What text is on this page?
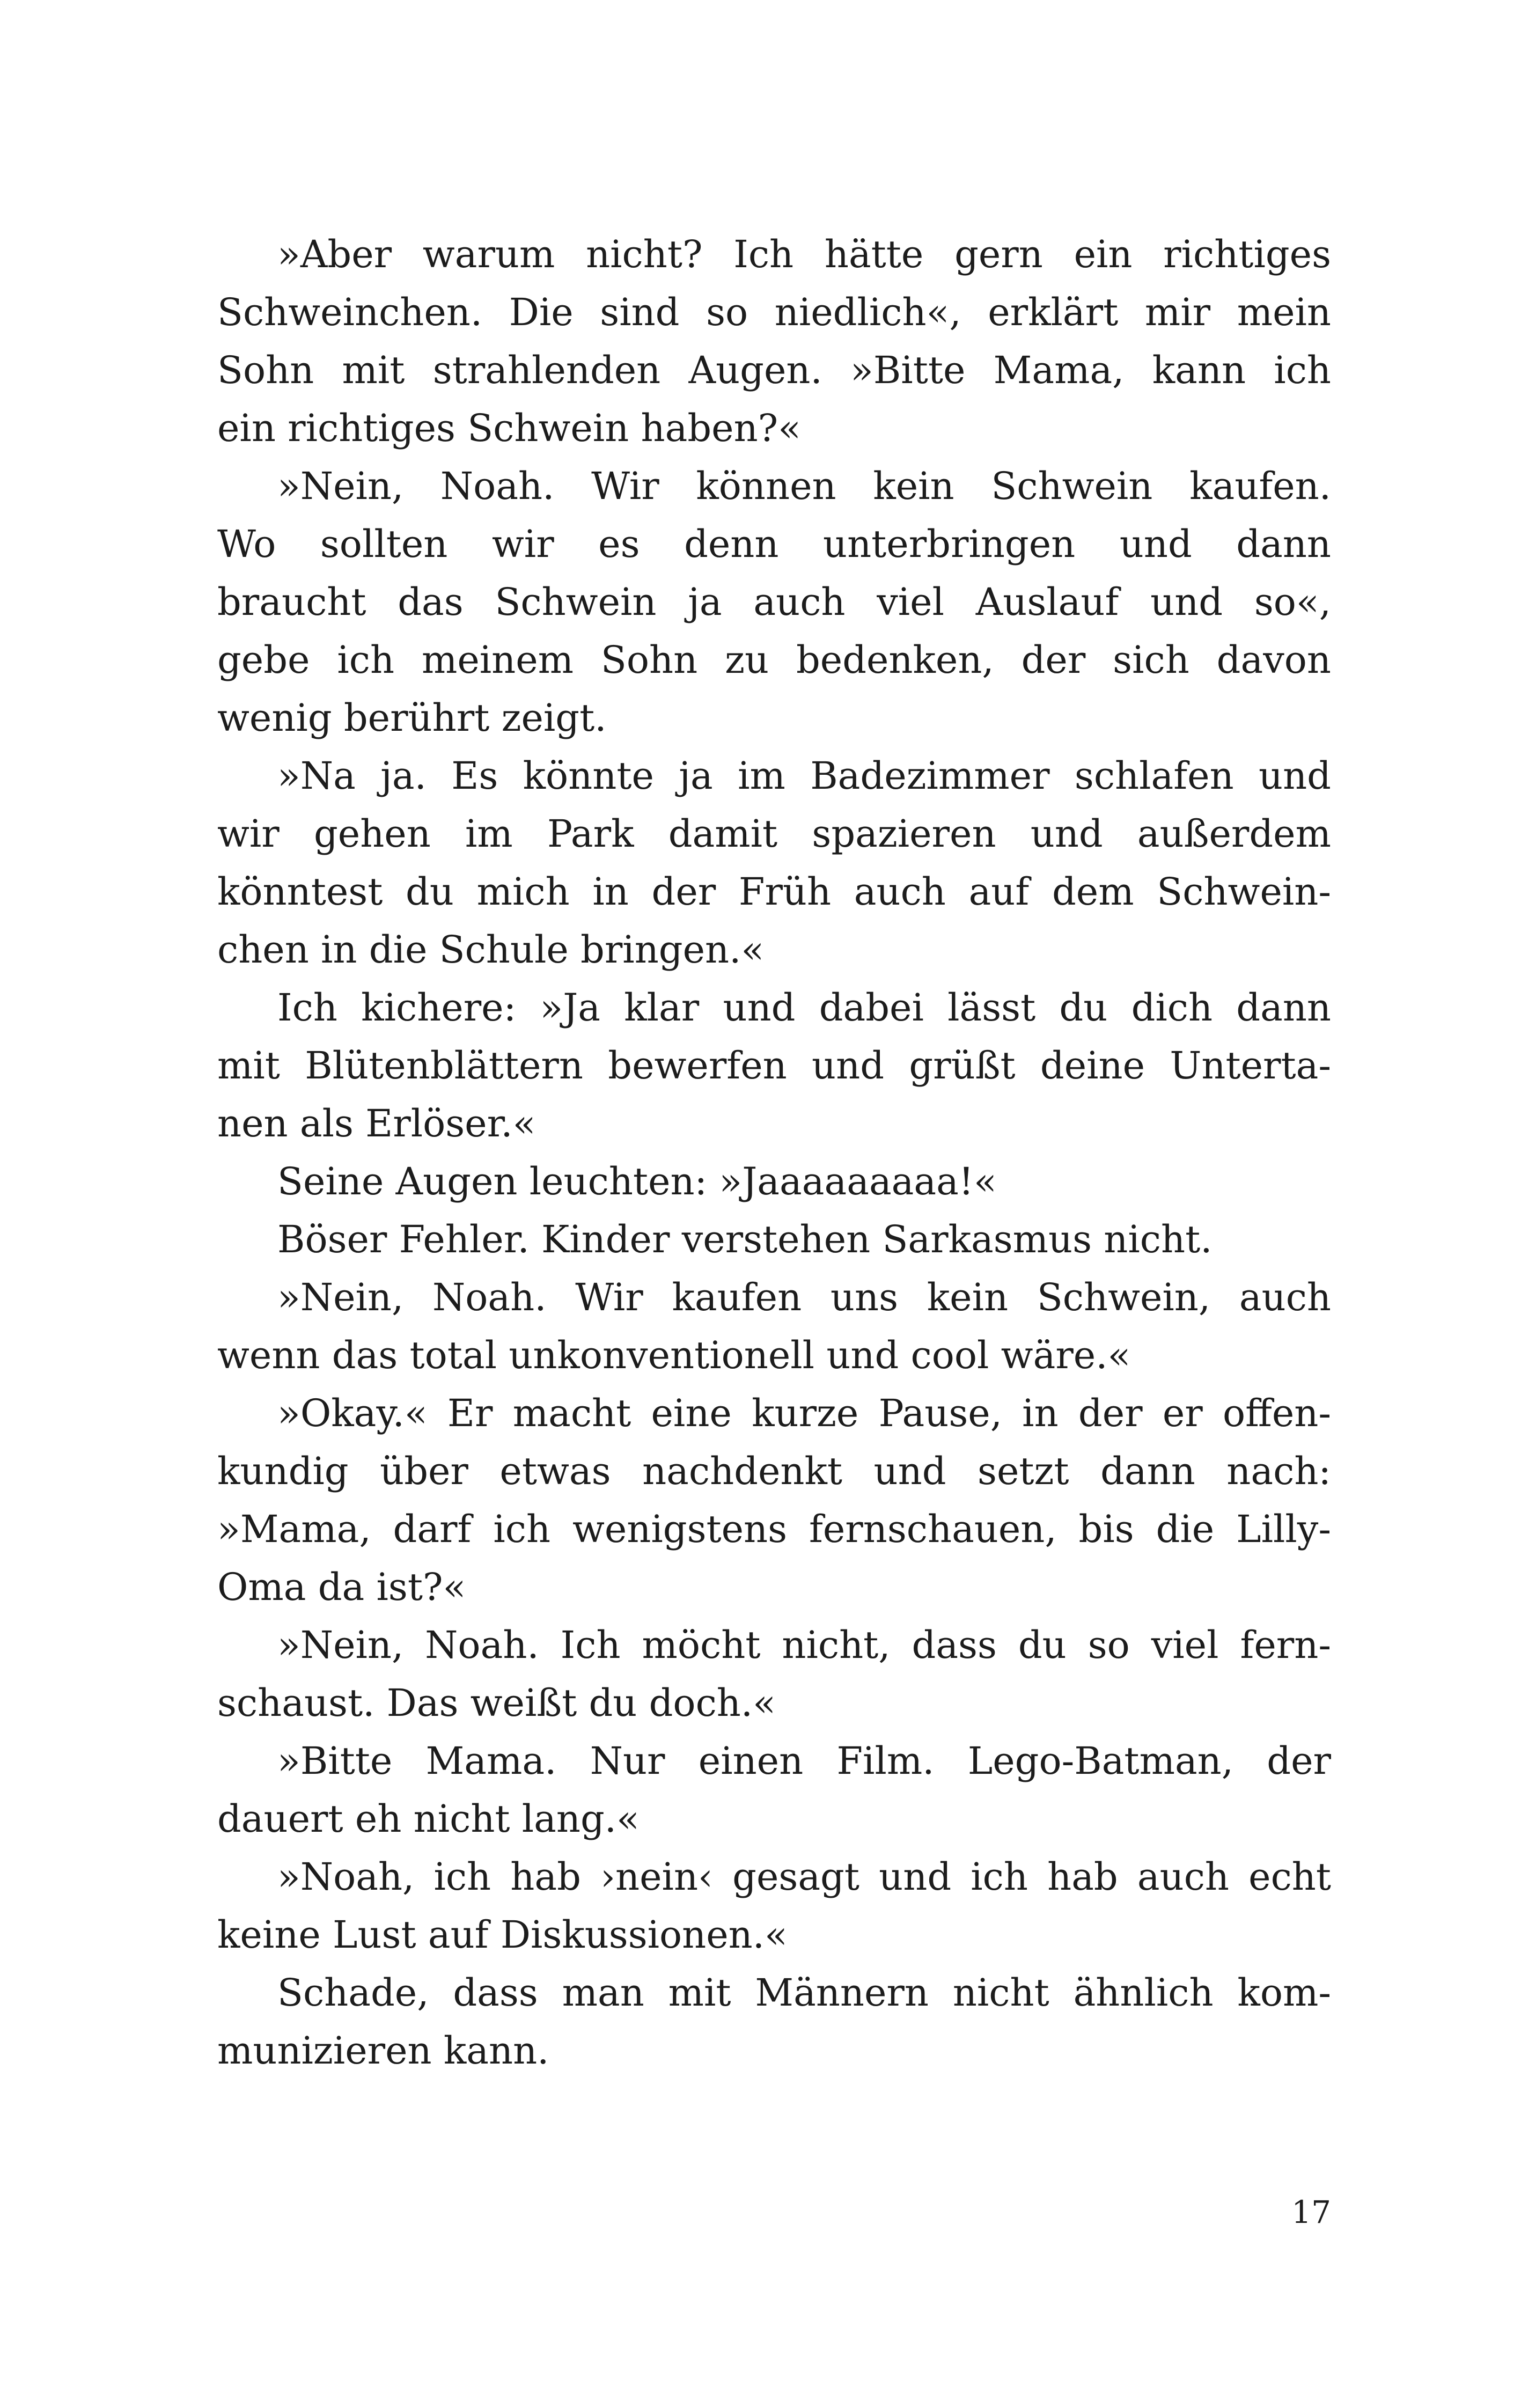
»Aber warum nicht? Ich hätte gern ein richtiges
Schweinchen. Die sind so niedlich«, erklärt mir mein
Sohn mit strahlenden Augen. »Bitte Mama, kann ich
ein richtiges Schwein haben?«
»Nein, Noah. Wir können kein Schwein kaufen.
Wo sollten wir es denn unterbringen und dann
braucht das Schwein ja auch viel Auslauf und so«,
gebe ich meinem Sohn zu bedenken, der sich davon
wenig berührt zeigt.
»Na ja. Es könnte ja im Badezimmer schlafen und
wir gehen im Park damit spazieren und außerdem
könntest du mich in der Früh auch auf dem Schwein-
chen in die Schule bringen.«
Ich kichere: »Ja klar und dabei lässt du dich dann
mit Blütenblättern bewerfen und grüßt deine Unterta-
nen als Erlöser.«
Seine Augen leuchten: »Jaaaaaaaaa!«
Böser Fehler. Kinder verstehen Sarkasmus nicht.
»Nein, Noah. Wir kaufen uns kein Schwein, auch
wenn das total unkonventionell und cool wäre.«
»Okay.« Er macht eine kurze Pause, in der er offen-
kundig über etwas nachdenkt und setzt dann nach:
»Mama, darf ich wenigstens fernschauen, bis die Lilly-
Oma da ist?«
»Nein, Noah. Ich möcht nicht, dass du so viel fern-
schaust. Das weißt du doch.«
»Bitte Mama. Nur einen Film. Lego-Batman, der
dauert eh nicht lang.«
»Noah, ich hab ›nein‹ gesagt und ich hab auch echt
keine Lust auf Diskussionen.«
Schade, dass man mit Männern nicht ähnlich kom-
munizieren kann.
17
